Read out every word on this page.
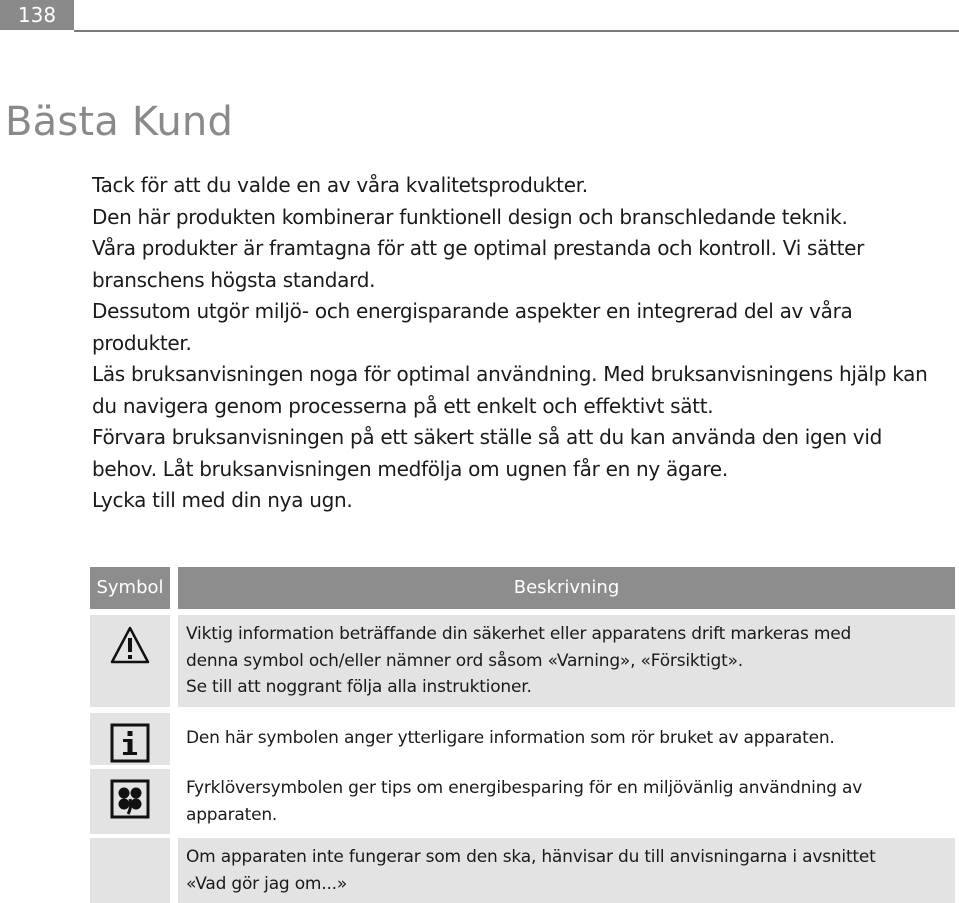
138
Bästa Kund

Tack för att du valde en av våra kvalitetsprodukter.

Den här produkten kombinerar funktionell design och branschledande teknik.

Våra produkter är framtagna för att ge optimal prestanda och kontroll. Vi sätter

branschens högsta standard.

Dessutom utgör miljö- och energisparande aspekter en integrerad del av våra

produkter.

Läs bruksanvisningen noga för optimal användning. Med bruksanvisningens hjälp kan

du navigera genom processerna på ett enkelt och effektivt sätt.

Förvara bruksanvisningen på ett säkert ställe så att du kan använda den igen vid

behov. Låt bruksanvisningen medfölja om ugnen får en ny ägare.

Lycka till med din nya ugn.

Symbol	Beskrivning

Viktig information beträffande din säkerhet eller apparatens drift markeras med

denna symbol och/eller nämner ord såsom «Varning», «Försiktigt».

Se till att noggrant följa alla instruktioner.

Den här symbolen anger ytterligare information som rör bruket av apparaten.

Fyrklöversymbolen ger tips om energibesparing för en miljövänlig användning av

apparaten.

Om apparaten inte fungerar som den ska, hänvisar du till anvisningarna i avsnittet

«Vad gör jag om...»
